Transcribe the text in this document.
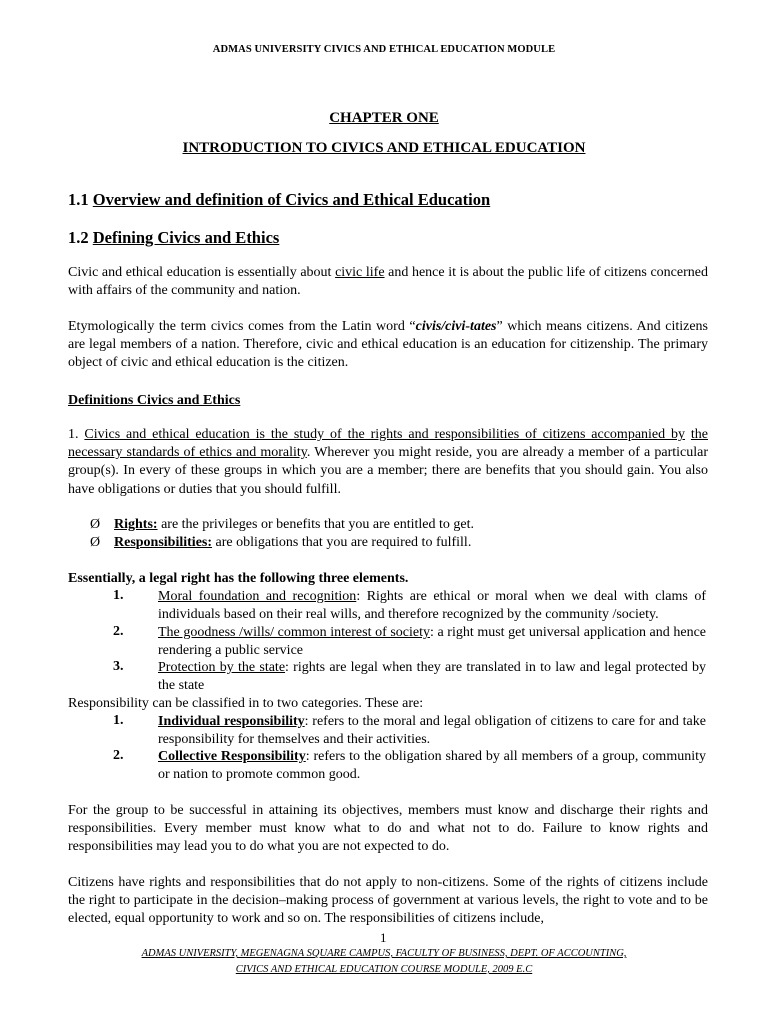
ADMAS UNIVERSITY CIVICS AND ETHICAL EDUCATION MODULE
CHAPTER ONE
INTRODUCTION TO CIVICS AND ETHICAL EDUCATION
1.1 Overview and definition of Civics and Ethical Education
1.2 Defining Civics and Ethics
Civic and ethical education is essentially about civic life and hence it is about the public life of citizens concerned with affairs of the community and nation.
Etymologically the term civics comes from the Latin word “civis/civi-tates” which means citizens. And citizens are legal members of a nation. Therefore, civic and ethical education is an education for citizenship. The primary object of civic and ethical education is the citizen.
Definitions Civics and Ethics
1. Civics and ethical education is the study of the rights and responsibilities of citizens accompanied by the necessary standards of ethics and morality. Wherever you might reside, you are already a member of a particular group(s). In every of these groups in which you are a member; there are benefits that you should gain. You also have obligations or duties that you should fulfill.
Ø Rights: are the privileges or benefits that you are entitled to get.
Ø Responsibilities: are obligations that you are required to fulfill.
Essentially, a legal right has the following three elements.
1. Moral foundation and recognition: Rights are ethical or moral when we deal with clams of individuals based on their real wills, and therefore recognized by the community /society.
2. The goodness /wills/ common interest of society: a right must get universal application and hence rendering a public service
3. Protection by the state: rights are legal when they are translated in to law and legal protected by the state
Responsibility can be classified in to two categories. These are:
1. Individual responsibility: refers to the moral and legal obligation of citizens to care for and take responsibility for themselves and their activities.
2. Collective Responsibility: refers to the obligation shared by all members of a group, community or nation to promote common good.
For the group to be successful in attaining its objectives, members must know and discharge their rights and responsibilities. Every member must know what to do and what not to do. Failure to know rights and responsibilities may lead you to do what you are not expected to do.
Citizens have rights and responsibilities that do not apply to non-citizens. Some of the rights of citizens include the right to participate in the decision–making process of government at various levels, the right to vote and to be elected, equal opportunity to work and so on. The responsibilities of citizens include,
1
ADMAS UNIVERSITY, MEGENAGNA SQUARE CAMPUS, FACULTY OF BUSINESS, DEPT. OF ACCOUNTING,
CIVICS AND ETHICAL EDUCATION COURSE MODULE, 2009 E.C
